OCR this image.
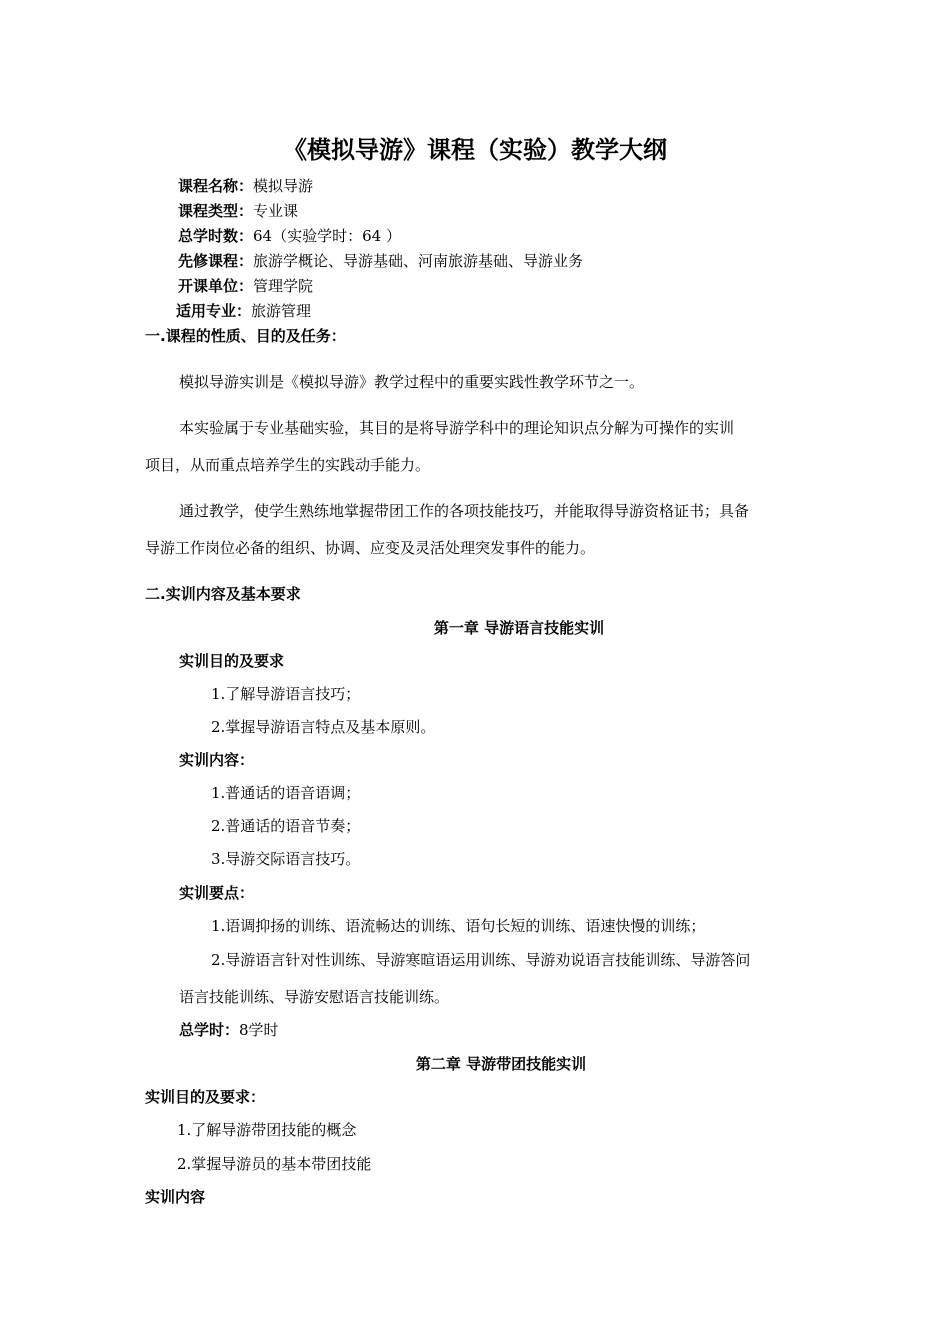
《模拟导游》课程（实验）教学大纲
课程名称：模拟导游
课程类型：专业课
总学时数：64（实验学时：64 ）
先修课程：旅游学概论、导游基础、河南旅游基础、导游业务
开课单位：管理学院
适用专业：旅游管理
一.课程的性质、目的及任务：
模拟导游实训是《模拟导游》教学过程中的重要实践性教学环节之一。
本实验属于专业基础实验，其目的是将导游学科中的理论知识点分解为可操作的实训
项目，从而重点培养学生的实践动手能力。
通过教学，使学生熟练地掌握带团工作的各项技能技巧，并能取得导游资格证书；具备
导游工作岗位必备的组织、协调、应变及灵活处理突发事件的能力。
二.实训内容及基本要求
第一章 导游语言技能实训
实训目的及要求
1.了解导游语言技巧；
2.掌握导游语言特点及基本原则。
实训内容：
1.普通话的语音语调；
2.普通话的语音节奏；
3.导游交际语言技巧。
实训要点：
1.语调抑扬的训练、语流畅达的训练、语句长短的训练、语速快慢的训练；
2.导游语言针对性训练、导游寒暄语运用训练、导游劝说语言技能训练、导游答问
语言技能训练、导游安慰语言技能训练。
总学时：8学时
第二章 导游带团技能实训
实训目的及要求：
1.了解导游带团技能的概念
2.掌握导游员的基本带团技能
实训内容
